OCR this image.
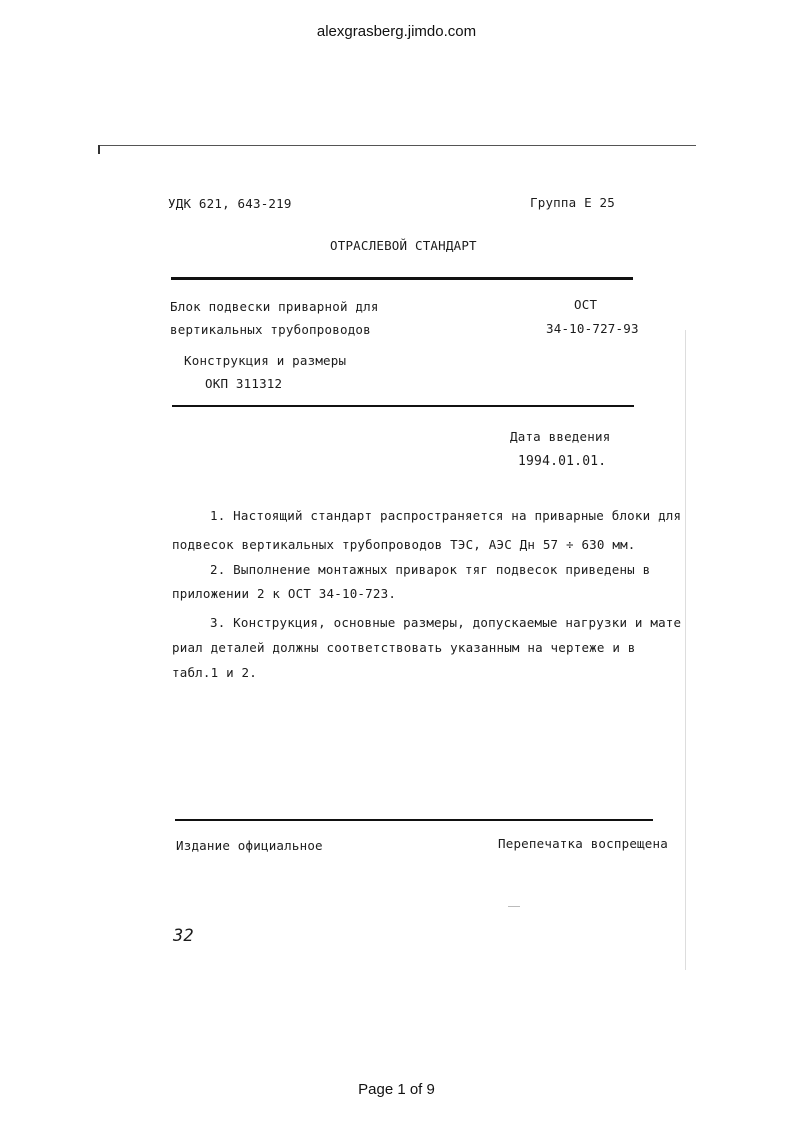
alexgrasberg.jimdo.com
УДК 621, 643-219	Группа Е 25
ОТРАСЛЕВОЙ СТАНДАРТ
Блок подвески приварной для
вертикальных трубопроводов
ОСТ
34-10-727-93
Конструкция и размеры
ОКП 311312
Дата введения
1994.01.01.
1. Настоящий стандарт распространяется на приварные блоки для
подвесок вертикальных трубопроводов ТЭС, АЭС Дн 57 ÷ 630 мм.
2. Выполнение монтажных приварок тяг подвесок приведены в
приложении 2 к ОСТ 34-10-723.
3. Конструкция, основные размеры, допускаемые нагрузки и мате
риал деталей должны соответствовать указанным на чертеже и в
табл.1 и 2.
Издание официальное	Перепечатка воспрещена
32
Page 1 of 9
